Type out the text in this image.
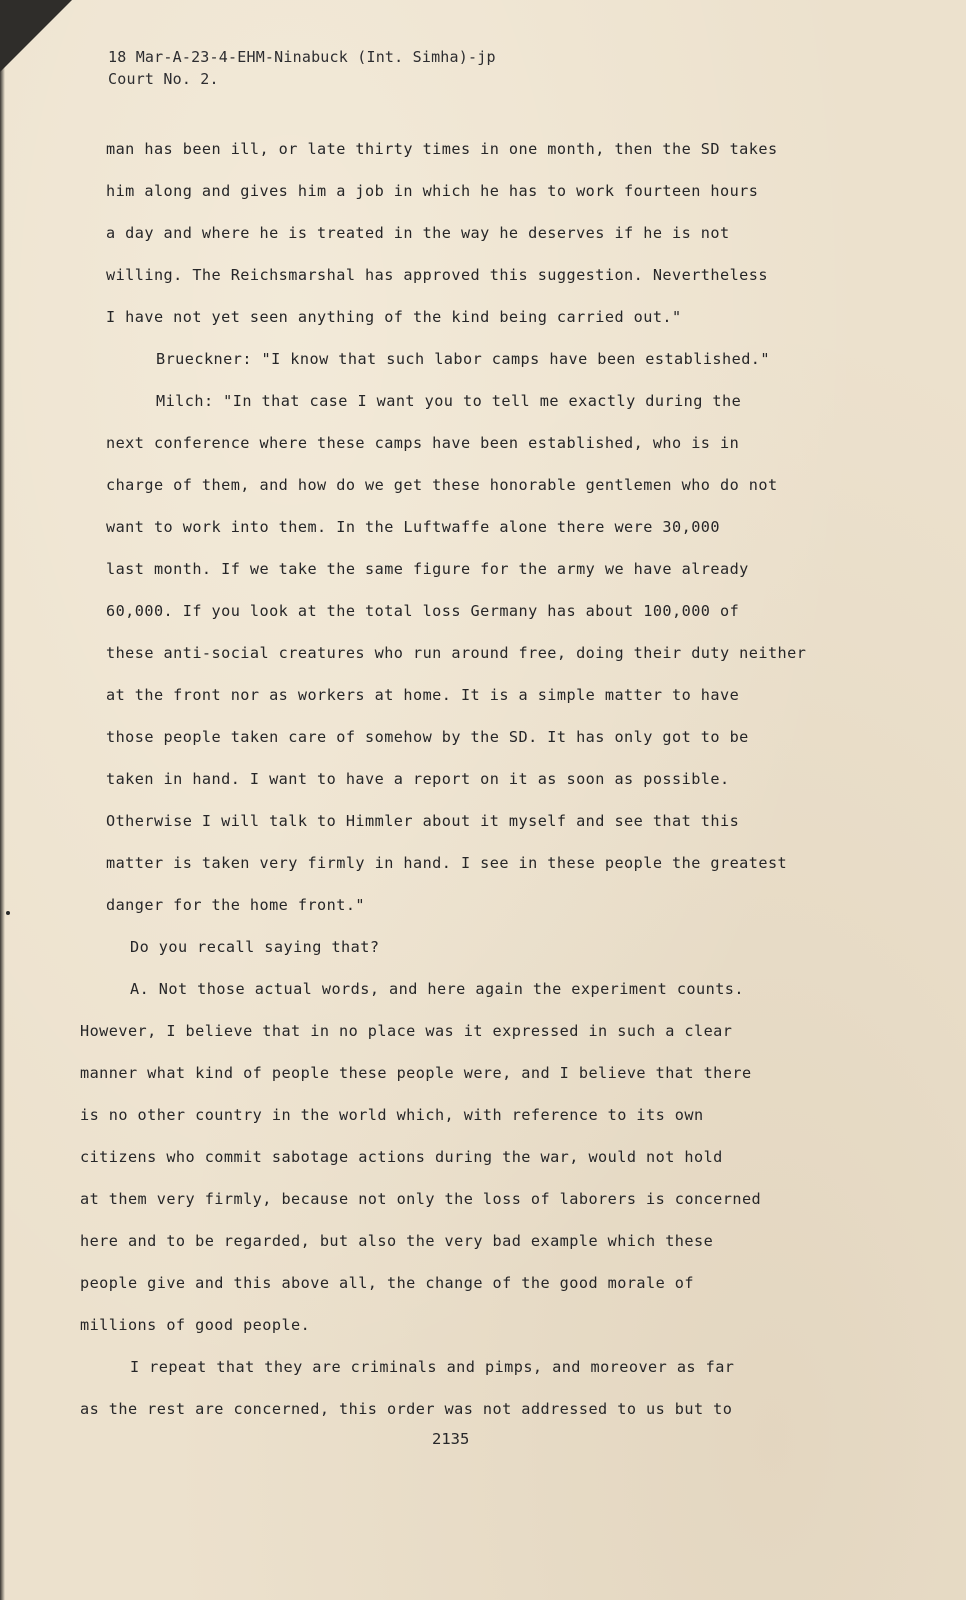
18 Mar-A-23-4-EHM-Ninabuck (Int. Simha)-jp
Court No. 2.
man has been ill, or late thirty times in one month, then the SD takes
him along and gives him a job in which he has to work fourteen hours
a day and where he is treated in the way he deserves if he is not
willing. The Reichsmarshal has approved this suggestion. Nevertheless
I have not yet seen anything of the kind being carried out."
Brueckner: "I know that such labor camps have been established."
Milch: "In that case I want you to tell me exactly during the
next conference where these camps have been established, who is in
charge of them, and how do we get these honorable gentlemen who do not
want to work into them. In the Luftwaffe alone there were 30,000
last month. If we take the same figure for the army we have already
60,000. If you look at the total loss Germany has about 100,000 of
these anti-social creatures who run around free, doing their duty neither
at the front nor as workers at home. It is a simple matter to have
those people taken care of somehow by the SD. It has only got to be
taken in hand. I want to have a report on it as soon as possible.
Otherwise I will talk to Himmler about it myself and see that this
matter is taken very firmly in hand. I see in these people the greatest
danger for the home front."
Do you recall saying that?
A. Not those actual words, and here again the experiment counts.
However, I believe that in no place was it expressed in such a clear
manner what kind of people these people were, and I believe that there
is no other country in the world which, with reference to its own
citizens who commit sabotage actions during the war, would not hold
at them very firmly, because not only the loss of laborers is concerned
here and to be regarded, but also the very bad example which these
people give and this above all, the change of the good morale of
millions of good people.
I repeat that they are criminals and pimps, and moreover as far
as the rest are concerned, this order was not addressed to us but to
2135
